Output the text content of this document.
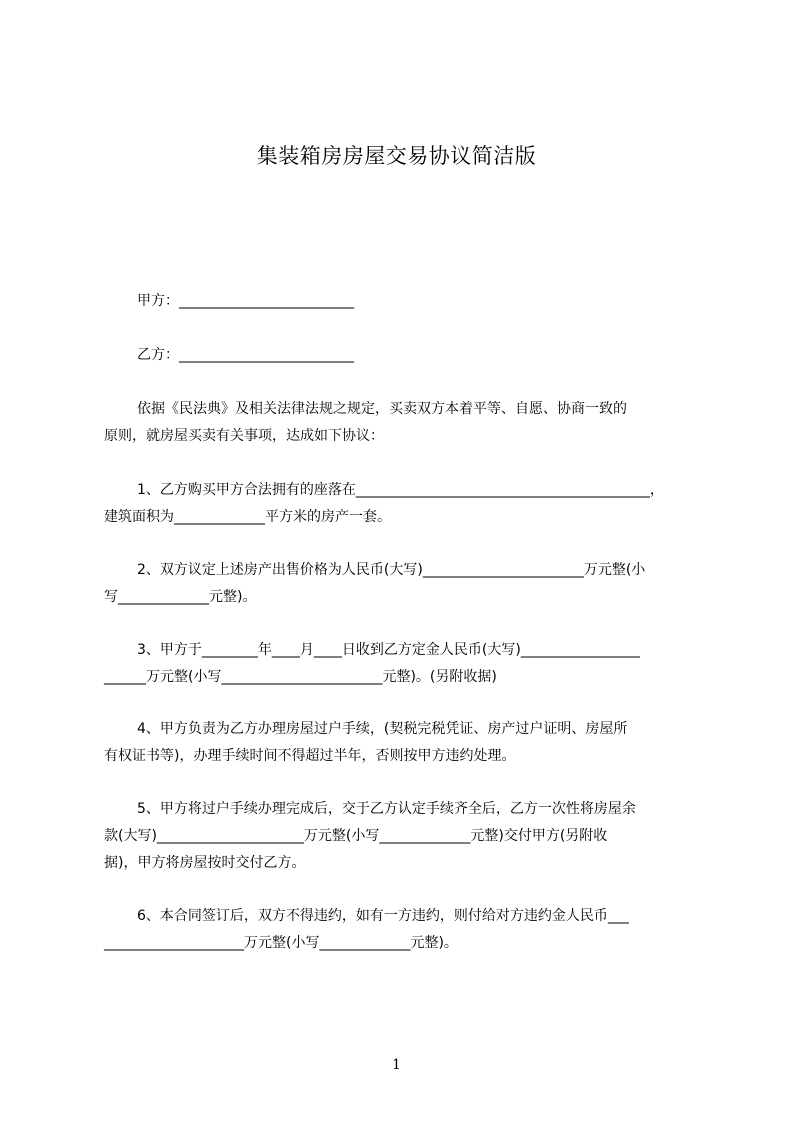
集装箱房房屋交易协议简洁版
甲方：_________________________
乙方：_________________________
依据《民法典》及相关法律法规之规定，买卖双方本着平等、自愿、协商一致的
原则，就房屋买卖有关事项，达成如下协议：
1、乙方购买甲方合法拥有的座落在__________________________________________，
建筑面积为_____________平方米的房产一套。
2、双方议定上述房产出售价格为人民币(大写)_______________________万元整(小
写_____________元整)。
3、甲方于________年____月____日收到乙方定金人民币(大写)_________________
______万元整(小写_______________________元整)。(另附收据)
4、甲方负责为乙方办理房屋过户手续，(契税完税凭证、房产过户证明、房屋所
有权证书等)，办理手续时间不得超过半年，否则按甲方违约处理。
5、甲方将过户手续办理完成后，交于乙方认定手续齐全后，乙方一次性将房屋余
款(大写)_____________________万元整(小写_____________元整)交付甲方(另附收
据)，甲方将房屋按时交付乙方。
6、本合同签订后，双方不得违约，如有一方违约，则付给对方违约金人民币___
____________________万元整(小写_____________元整)。
1
